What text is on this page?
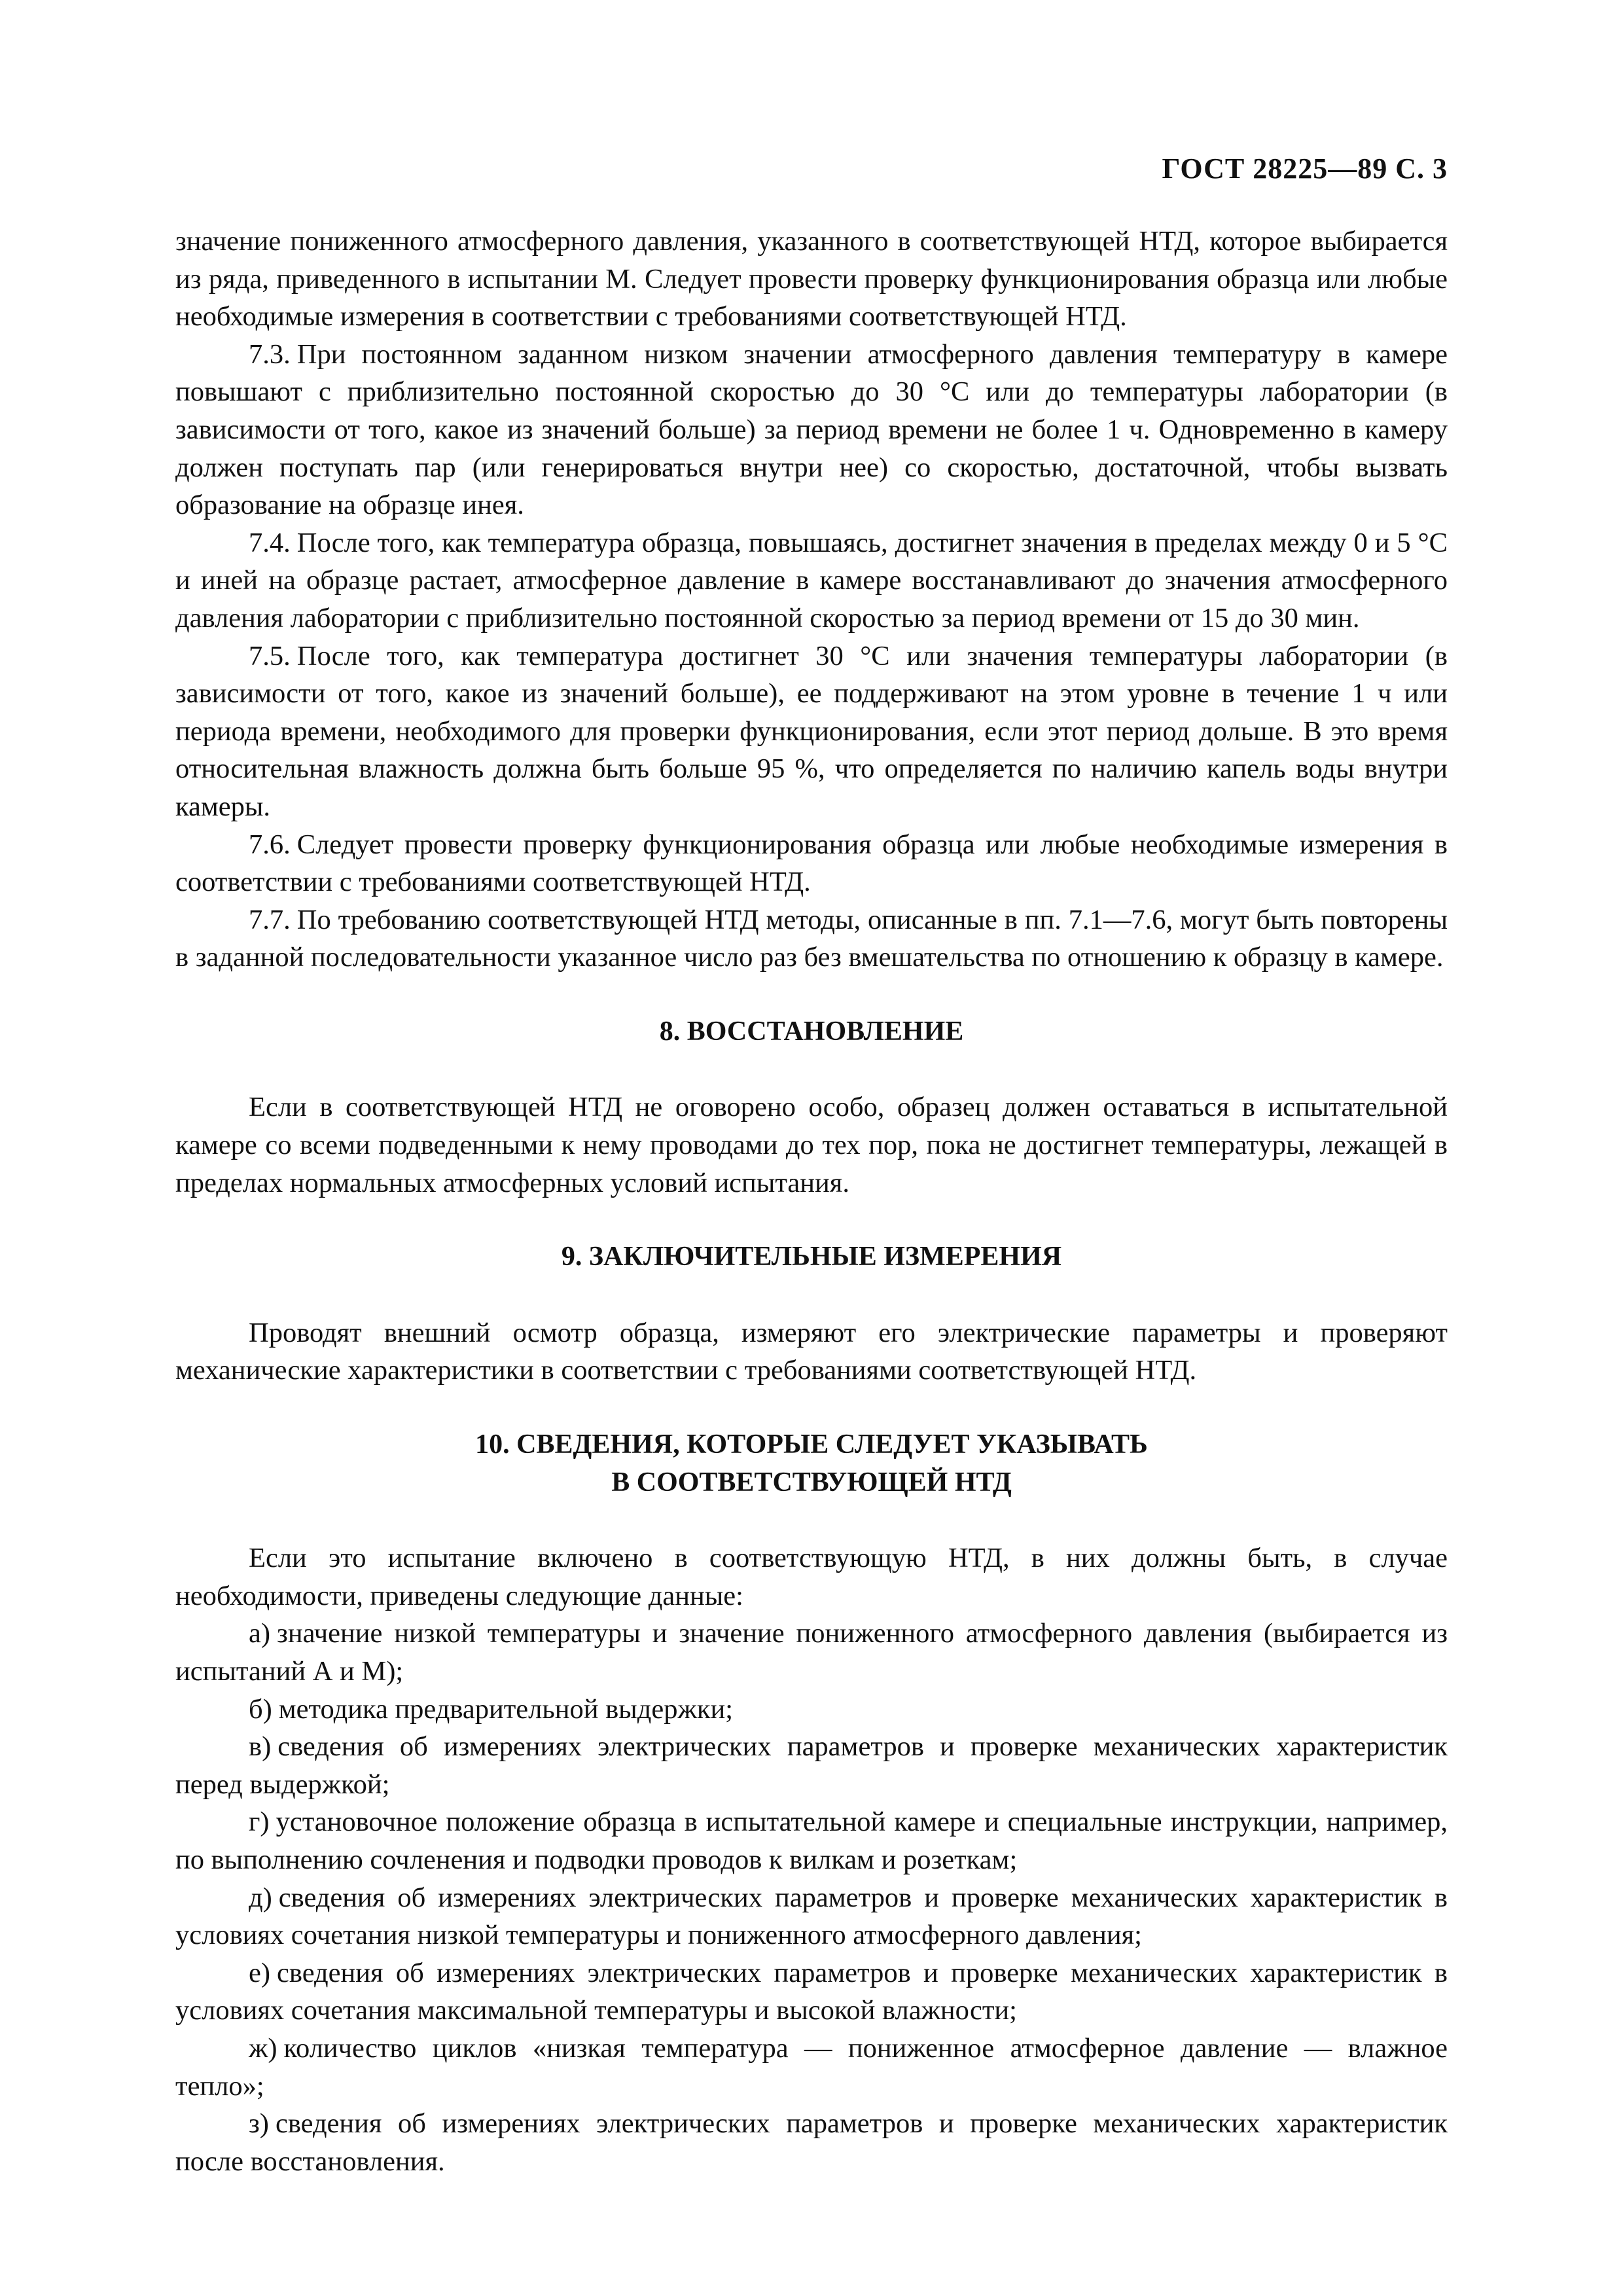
ГОСТ 28225—89 С. 3

значение пониженного атмосферного давления, указанного в соответствующей НТД, которое выбирается из ряда, приведенного в испытании М. Следует провести проверку функционирования образца или любые необходимые измерения в соответствии с требованиями соответствующей НТД.

7.3. При постоянном заданном низком значении атмосферного давления температуру в камере повышают с приблизительно постоянной скоростью до 30 °С или до температуры лаборатории (в зависимости от того, какое из значений больше) за период времени не более 1 ч. Одновременно в камеру должен поступать пар (или генерироваться внутри нее) со скоростью, достаточной, чтобы вызвать образование на образце инея.

7.4. После того, как температура образца, повышаясь, достигнет значения в пределах между 0 и 5 °С и иней на образце растает, атмосферное давление в камере восстанавливают до значения атмосферного давления лаборатории с приблизительно постоянной скоростью за период времени от 15 до 30 мин.

7.5. После того, как температура достигнет 30 °С или значения температуры лаборатории (в зависимости от того, какое из значений больше), ее поддерживают на этом уровне в течение 1 ч или периода времени, необходимого для проверки функционирования, если этот период дольше. В это время относительная влажность должна быть больше 95 %, что определяется по наличию капель воды внутри камеры.

7.6. Следует провести проверку функционирования образца или любые необходимые измерения в соответствии с требованиями соответствующей НТД.

7.7. По требованию соответствующей НТД методы, описанные в пп. 7.1—7.6, могут быть повторены в заданной последовательности указанное число раз без вмешательства по отношению к образцу в камере.

8. ВОССТАНОВЛЕНИЕ

Если в соответствующей НТД не оговорено особо, образец должен оставаться в испытательной камере со всеми подведенными к нему проводами до тех пор, пока не достигнет температуры, лежащей в пределах нормальных атмосферных условий испытания.

9. ЗАКЛЮЧИТЕЛЬНЫЕ ИЗМЕРЕНИЯ

Проводят внешний осмотр образца, измеряют его электрические параметры и проверяют механические характеристики в соответствии с требованиями соответствующей НТД.

10. СВЕДЕНИЯ, КОТОРЫЕ СЛЕДУЕТ УКАЗЫВАТЬ
В СООТВЕТСТВУЮЩЕЙ НТД

Если это испытание включено в соответствующую НТД, в них должны быть, в случае необходимости, приведены следующие данные:

а) значение низкой температуры и значение пониженного атмосферного давления (выбирается из испытаний А и М);

б) методика предварительной выдержки;

в) сведения об измерениях электрических параметров и проверке механических характеристик перед выдержкой;

г) установочное положение образца в испытательной камере и специальные инструкции, например, по выполнению сочленения и подводки проводов к вилкам и розеткам;

д) сведения об измерениях электрических параметров и проверке механических характеристик в условиях сочетания низкой температуры и пониженного атмосферного давления;

е) сведения об измерениях электрических параметров и проверке механических характеристик в условиях сочетания максимальной температуры и высокой влажности;

ж) количество циклов «низкая температура — пониженное атмосферное давление — влажное тепло»;

з) сведения об измерениях электрических параметров и проверке механических характеристик после восстановления.
